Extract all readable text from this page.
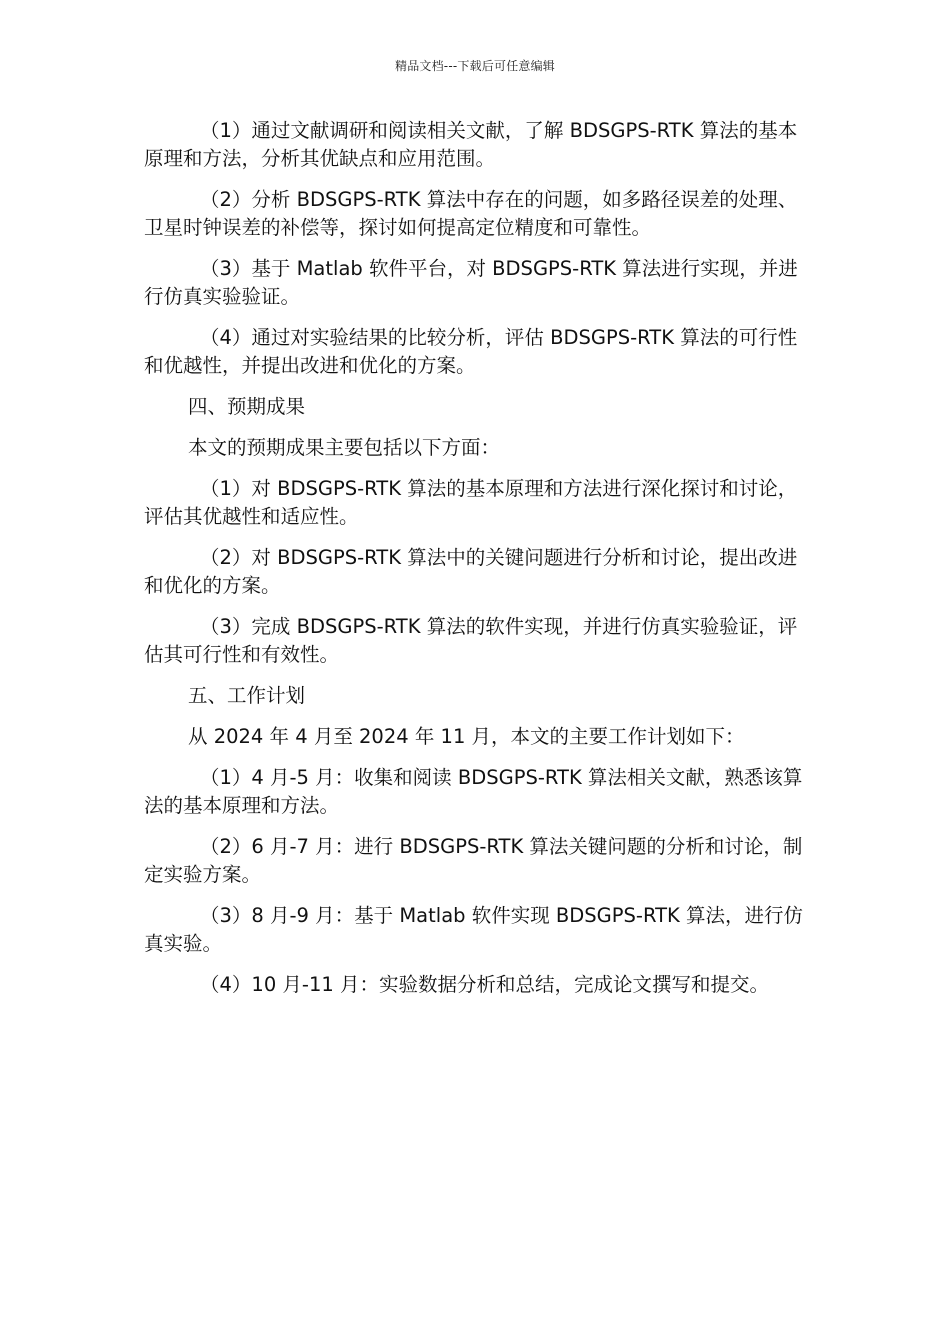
精品文档---下载后可任意编辑

（1）通过文献调研和阅读相关文献，了解 BDSGPS-RTK 算法的基本原理和方法，分析其优缺点和应用范围。

（2）分析 BDSGPS-RTK 算法中存在的问题，如多路径误差的处理、卫星时钟误差的补偿等，探讨如何提高定位精度和可靠性。

（3）基于 Matlab 软件平台，对 BDSGPS-RTK 算法进行实现，并进行仿真实验验证。

（4）通过对实验结果的比较分析，评估 BDSGPS-RTK 算法的可行性和优越性，并提出改进和优化的方案。

四、预期成果

本文的预期成果主要包括以下方面：

（1）对 BDSGPS-RTK 算法的基本原理和方法进行深化探讨和讨论，评估其优越性和适应性。

（2）对 BDSGPS-RTK 算法中的关键问题进行分析和讨论，提出改进和优化的方案。

（3）完成 BDSGPS-RTK 算法的软件实现，并进行仿真实验验证，评估其可行性和有效性。

五、工作计划

从 2024 年 4 月至 2024 年 11 月，本文的主要工作计划如下：

（1）4 月-5 月：收集和阅读 BDSGPS-RTK 算法相关文献，熟悉该算法的基本原理和方法。

（2）6 月-7 月：进行 BDSGPS-RTK 算法关键问题的分析和讨论，制定实验方案。

（3）8 月-9 月：基于 Matlab 软件实现 BDSGPS-RTK 算法，进行仿真实验。

（4）10 月-11 月：实验数据分析和总结，完成论文撰写和提交。
